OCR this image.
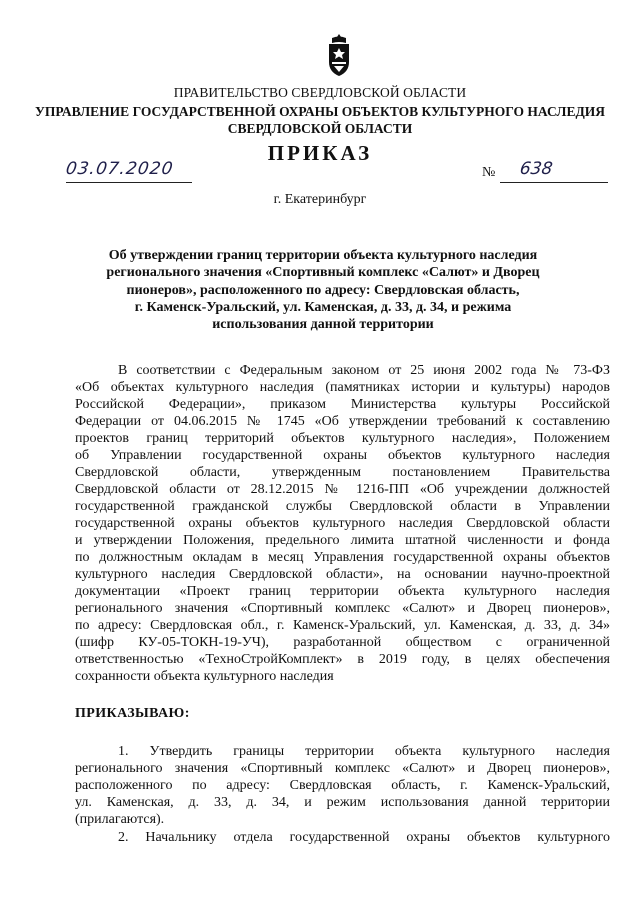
ПРАВИТЕЛЬСТВО СВЕРДЛОВСКОЙ ОБЛАСТИ
УПРАВЛЕНИЕ ГОСУДАРСТВЕННОЙ ОХРАНЫ ОБЪЕКТОВ КУЛЬТУРНОГО НАСЛЕДИЯ
СВЕРДЛОВСКОЙ ОБЛАСТИ
ПРИКАЗ
03.07.2020	№ 638
г. Екатеринбург
Об утверждении границ территории объекта культурного наследия
регионального значения «Спортивный комплекс «Салют» и Дворец
пионеров», расположенного по адресу: Свердловская область,
г. Каменск-Уральский, ул. Каменская, д. 33, д. 34, и режима
использования данной территории
В соответствии с Федеральным законом от 25 июня 2002 года № 73-ФЗ
«Об объектах культурного наследия (памятниках истории и культуры) народов
Российской Федерации», приказом Министерства культуры Российской
Федерации от 04.06.2015 № 1745 «Об утверждении требований к составлению
проектов границ территорий объектов культурного наследия», Положением
об Управлении государственной охраны объектов культурного наследия
Свердловской области, утвержденным постановлением Правительства
Свердловской области от 28.12.2015 № 1216-ПП «Об учреждении должностей
государственной гражданской службы Свердловской области в Управлении
государственной охраны объектов культурного наследия Свердловской области
и утверждении Положения, предельного лимита штатной численности и фонда
по должностным окладам в месяц Управления государственной охраны объектов
культурного наследия Свердловской области», на основании научно-проектной
документации «Проект границ территории объекта культурного наследия
регионального значения «Спортивный комплекс «Салют» и Дворец пионеров»,
по адресу: Свердловская обл., г. Каменск-Уральский, ул. Каменская, д. 33, д. 34»
(шифр КУ-05-ТОКН-19-УЧ), разработанной обществом с ограниченной
ответственностью «ТехноСтройКомплект» в 2019 году, в целях обеспечения
сохранности объекта культурного наследия
ПРИКАЗЫВАЮ:
1. Утвердить границы территории объекта культурного наследия
регионального значения «Спортивный комплекс «Салют» и Дворец пионеров»,
расположенного по адресу: Свердловская область, г. Каменск-Уральский,
ул. Каменская, д. 33, д. 34, и режим использования данной территории
(прилагаются).
2. Начальнику отдела государственной охраны объектов культурного
